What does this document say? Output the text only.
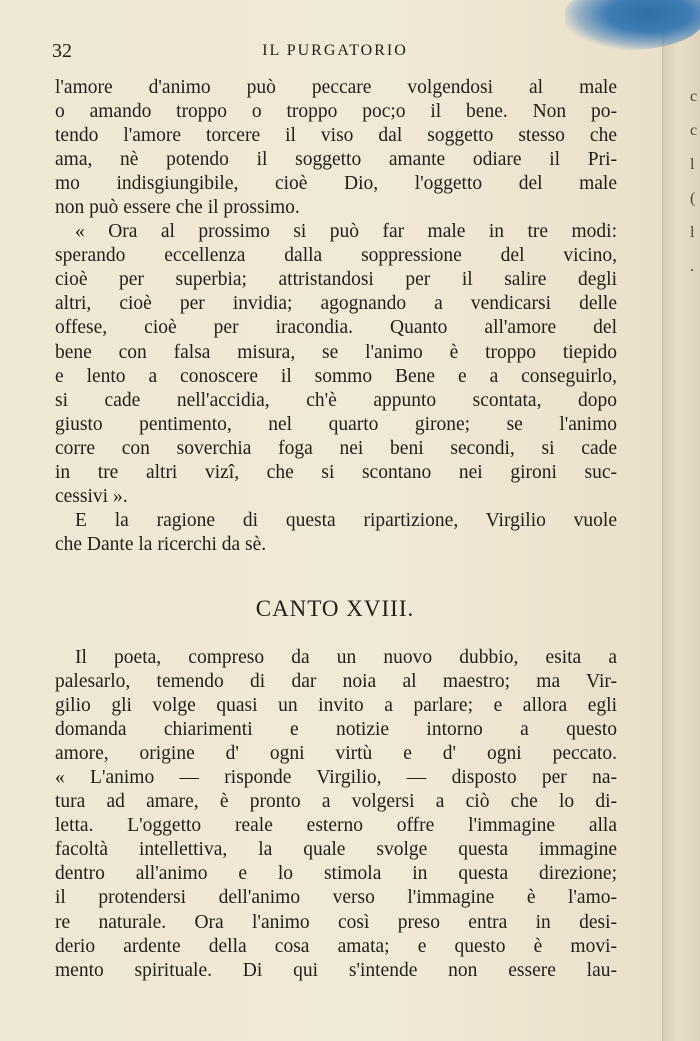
c
c
l
(
l
.
32	IL PURGATORIO
l'amore d'animo può peccare volgendosi al male
o amando troppo o troppo poc;o il bene. Non po-
tendo l'amore torcere il viso dal soggetto stesso che
ama, nè potendo il soggetto amante odiare il Pri-
mo indisgiungibile, cioè Dio, l'oggetto del male
non può essere che il prossimo.
« Ora al prossimo si può far male in tre modi:
sperando eccellenza dalla soppressione del vicino,
cioè per superbia; attristandosi per il salire degli
altri, cioè per invidia; agognando a vendicarsi delle
offese, cioè per iracondia. Quanto all'amore del
bene con falsa misura, se l'animo è troppo tiepido
e lento a conoscere il sommo Bene e a conseguirlo,
si cade nell'accidia, ch'è appunto scontata, dopo
giusto pentimento, nel quarto girone; se l'animo
corre con soverchia foga nei beni secondi, si cade
in tre altri vizî, che si scontano nei gironi suc-
cessivi ».
E la ragione di questa ripartizione, Virgilio vuole
che Dante la ricerchi da sè.
CANTO XVIII.
Il poeta, compreso da un nuovo dubbio, esita a
palesarlo, temendo di dar noia al maestro; ma Vir-
gilio gli volge quasi un invito a parlare; e allora egli
domanda chiarimenti e notizie intorno a questo
amore, origine d' ogni virtù e d' ogni peccato.
« L'animo — risponde Virgilio, — disposto per na-
tura ad amare, è pronto a volgersi a ciò che lo di-
letta. L'oggetto reale esterno offre l'immagine alla
facoltà intellettiva, la quale svolge questa immagine
dentro all'animo e lo stimola in questa direzione;
il protendersi dell'animo verso l'immagine è l'amo-
re naturale. Ora l'animo così preso entra in desi-
derio ardente della cosa amata; e questo è movi-
mento spirituale. Di qui s'intende non essere lau-
